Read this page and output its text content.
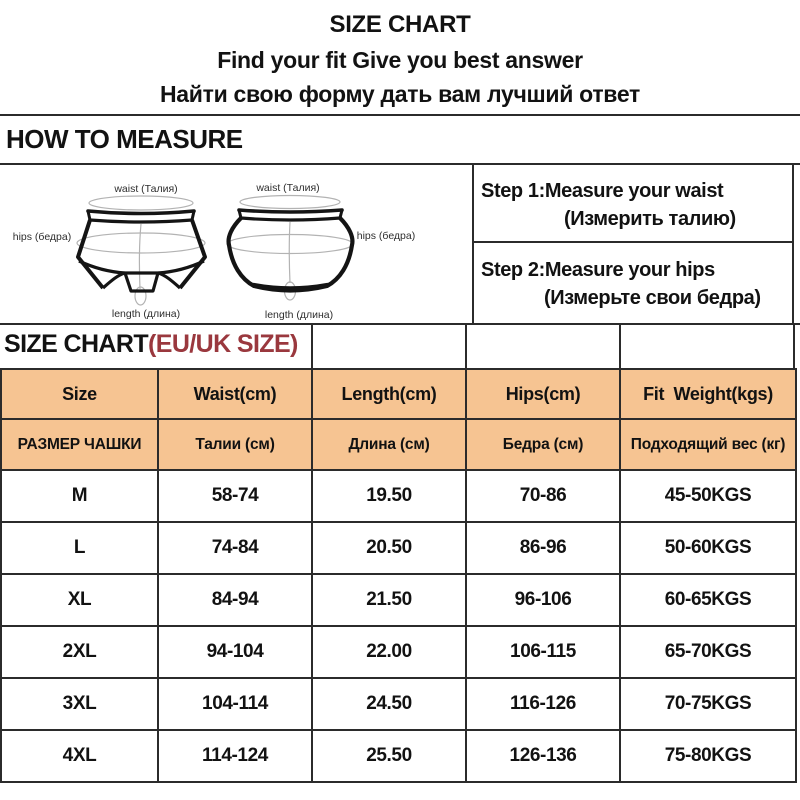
SIZE CHART
Find your fit Give you best answer
Найти свою форму дать вам лучший ответ
HOW TO MEASURE
waist (Талия)
hips (бедра)
length (длина)
waist (Талия)
hips (бедра)
length (длина)
Step 1:Measure your waist
(Измерить талию)
Step 2:Measure your hips
(Измерьте свои бедра)
SIZE CHART(EU/UK SIZE)
Size	Waist(cm)	Length(cm)	Hips(cm)	Fit  Weight(kgs)
РАЗМЕР ЧАШКИ	Талии (см)	Длина (см)	Бедра (см)	Подходящий вес (кг)
M	58-74	19.50	70-86	45-50KGS
L	74-84	20.50	86-96	50-60KGS
XL	84-94	21.50	96-106	60-65KGS
2XL	94-104	22.00	106-115	65-70KGS
3XL	104-114	24.50	116-126	70-75KGS
4XL	114-124	25.50	126-136	75-80KGS
